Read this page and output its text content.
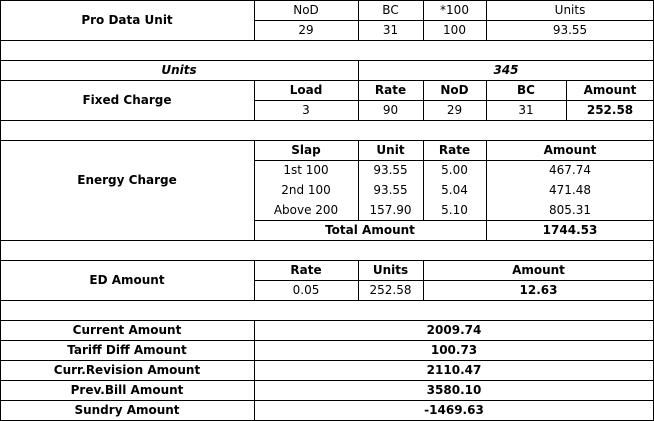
Pro Data Unit
NoD	BC	*100	Units
29	31	100	93.55
Units	345
Fixed Charge
Load	Rate	NoD	BC	Amount
3	90	29	31	252.58
Energy Charge
Slap	Unit	Rate	Amount
1st 100	93.55	5.00	467.74
2nd 100	93.55	5.04	471.48
Above 200	157.90	5.10	805.31
Total Amount	1744.53
ED Amount
Rate	Units	Amount
0.05	252.58	12.63
Current Amount	2009.74
Tariff Diff Amount	100.73
Curr.Revision Amount	2110.47
Prev.Bill Amount	3580.10
Sundry Amount	-1469.63
